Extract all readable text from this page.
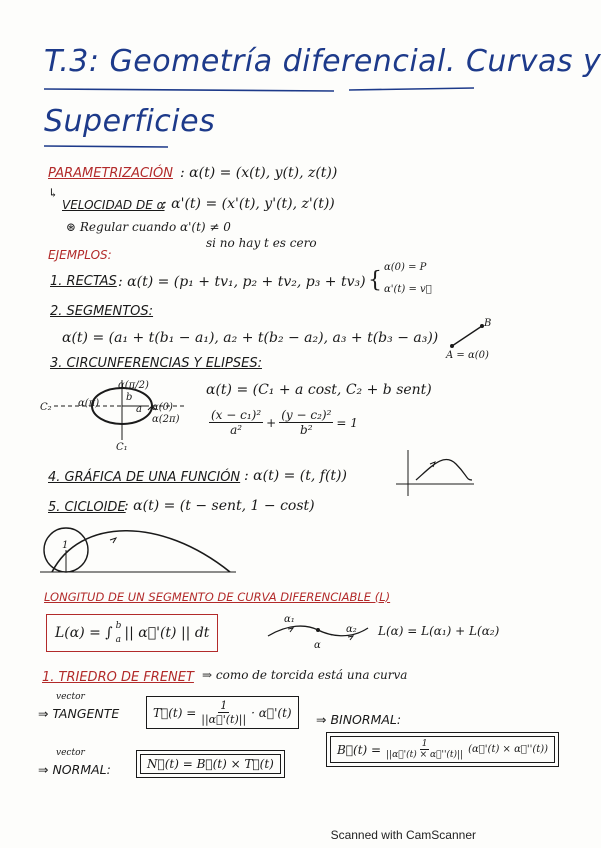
T.3: Geometría diferencial. Curvas y
Superficies
PARAMETRIZACIÓN : α(t) = (x(t), y(t), z(t))
↳
VELOCIDAD DE α
: α'(t) = (x'(t), y'(t), z'(t))
⊛ Regular cuando α'(t) ≠ 0
si no hay t es cero
EJEMPLOS:
1. RECTAS : α(t) = (p₁ + tv₁, p₂ + tv₂, p₃ + tv₃)
α(0) = P
α'(t) = v⃗
{
2. SEGMENTOS:
α(t) = (a₁ + t(b₁ − a₁), a₂ + t(b₂ − a₂), a₃ + t(b₃ − a₃))
B
A = α(0)
3. CIRCUNFERENCIAS Y ELIPSES:
α(π/2)
α(π)	α(0)
α(2π)
C₂
C₁
b
a
α(t) = (C₁ + a cost, C₂ + b sent)
$\frac{\text{(x − c₁)²}}{\text{a²}} + \frac{\text{(y − c₂)²}}{\text{b²}} = 1$
4. GRÁFICA DE UNA FUNCIÓN : α(t) = (t, f(t))
5. CICLOIDE
: α(t) = (t − sent, 1 − cost)
1
LONGITUD DE UN SEGMENTO DE CURVA DIFERENCIABLE (L)
L(α) = ∫ b
a || α⃗'(t) || dt
α₁
α₂
α
L(α) = L(α₁) + L(α₂)
1. TRIEDRO DE FRENET ⇒ como de torcida está una curva
vector
⇒ TANGENTE	T⃗(t) = $\frac{1}{||\alpha⃗'(t)||}$ · α⃗'(t) ⇒ BINORMAL:
B⃗(t) = $\frac{1}{||\alpha⃗'(t) \times \alpha⃗''(t)||}$ (α⃗'(t) × α⃗''(t))
vector
⇒ NORMAL:	N⃗(t) = B⃗(t) × T⃗(t)
Scanned with CamScanner
